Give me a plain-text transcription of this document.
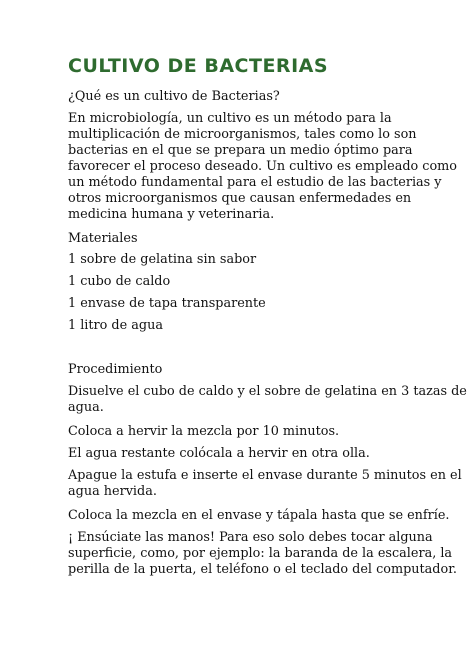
CULTIVO DE BACTERIAS
¿Qué es un cultivo de Bacterias?
En microbiología, un cultivo es un método para la
multiplicación de microorganismos, tales como lo son
bacterias en el que se prepara un medio óptimo para
favorecer el proceso deseado. Un cultivo es empleado como
un método fundamental para el estudio de las bacterias y
otros microorganismos que causan enfermedades en
medicina humana y veterinaria.
Materiales
1 sobre de gelatina sin sabor
1 cubo de caldo
1 envase de tapa transparente
1 litro de agua
Procedimiento
Disuelve el cubo de caldo y el sobre de gelatina en 3 tazas de
agua.
Coloca a hervir la mezcla por 10 minutos.
El agua restante colócala a hervir en otra olla.
Apague la estufa e inserte el envase durante 5 minutos en el
agua hervida.
Coloca la mezcla en el envase y tápala hasta que se enfríe.
¡ Ensúciate las manos! Para eso solo debes tocar alguna
superficie, como, por ejemplo: la baranda de la escalera, la
perilla de la puerta, el teléfono o el teclado del computador.
